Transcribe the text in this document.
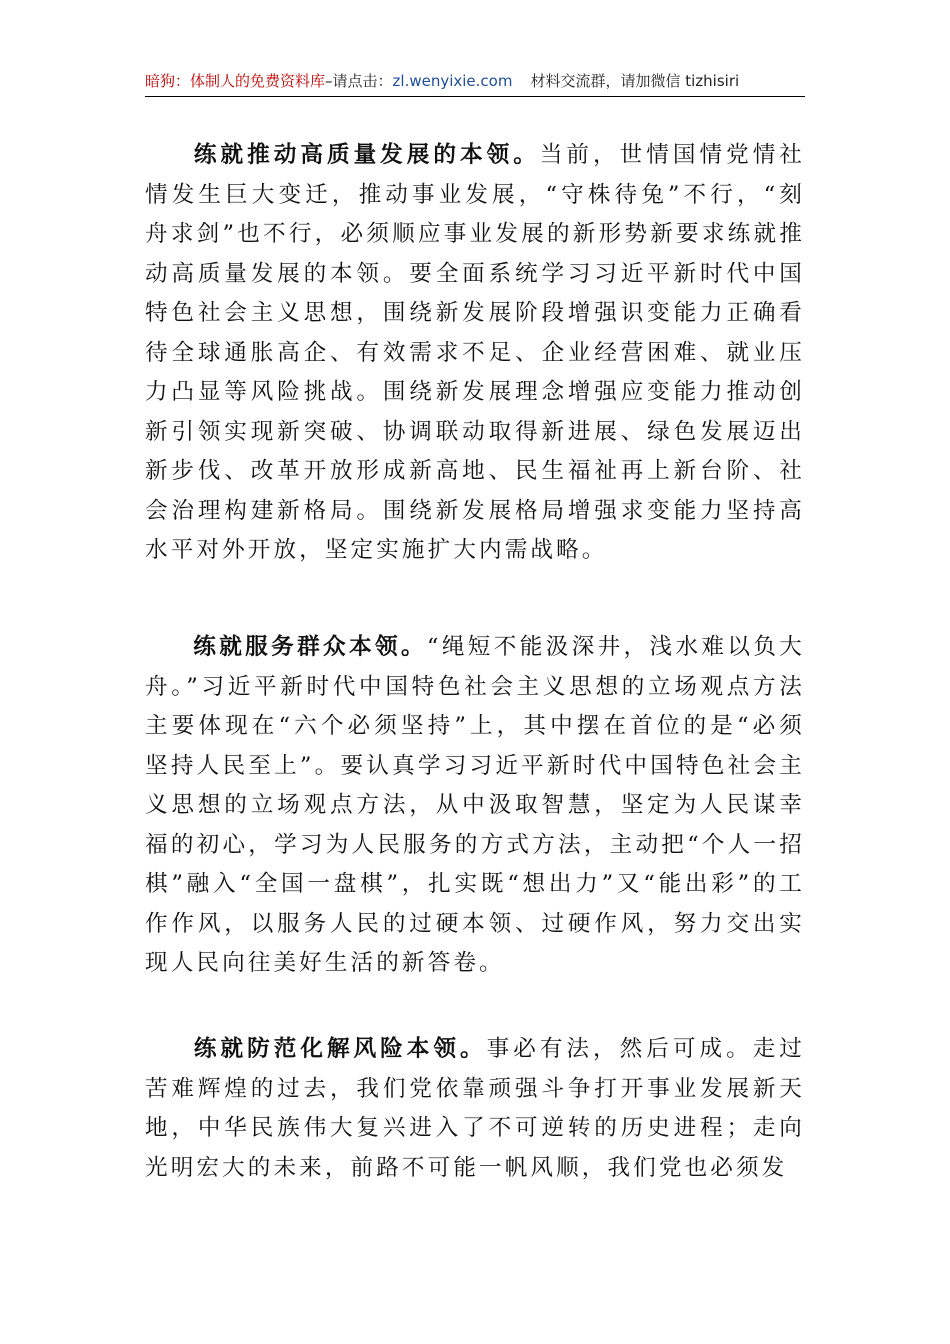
暗狗：体制人的免费资料库–请点击：zl.wenyixie.com 材料交流群，请加微信 tizhisiri

练就推动高质量发展的本领。当前，世情国情党情社情发生巨大变迁，推动事业发展，“守株待兔”不行，“刻舟求剑”也不行，必须顺应事业发展的新形势新要求练就推动高质量发展的本领。要全面系统学习习近平新时代中国特色社会主义思想，围绕新发展阶段增强识变能力正确看待全球通胀高企、有效需求不足、企业经营困难、就业压力凸显等风险挑战。围绕新发展理念增强应变能力推动创新引领实现新突破、协调联动取得新进展、绿色发展迈出新步伐、改革开放形成新高地、民生福祉再上新台阶、社会治理构建新格局。围绕新发展格局增强求变能力坚持高水平对外开放，坚定实施扩大内需战略。

练就服务群众本领。“绳短不能汲深井，浅水难以负大舟。”习近平新时代中国特色社会主义思想的立场观点方法主要体现在“六个必须坚持”上，其中摆在首位的是“必须坚持人民至上”。要认真学习习近平新时代中国特色社会主义思想的立场观点方法，从中汲取智慧，坚定为人民谋幸福的初心，学习为人民服务的方式方法，主动把“个人一招棋”融入“全国一盘棋”，扎实既“想出力”又“能出彩”的工作作风，以服务人民的过硬本领、过硬作风，努力交出实现人民向往美好生活的新答卷。

练就防范化解风险本领。事必有法，然后可成。走过苦难辉煌的过去，我们党依靠顽强斗争打开事业发展新天地，中华民族伟大复兴进入了不可逆转的历史进程；走向光明宏大的未来，前路不可能一帆风顺，我们党也必须发
